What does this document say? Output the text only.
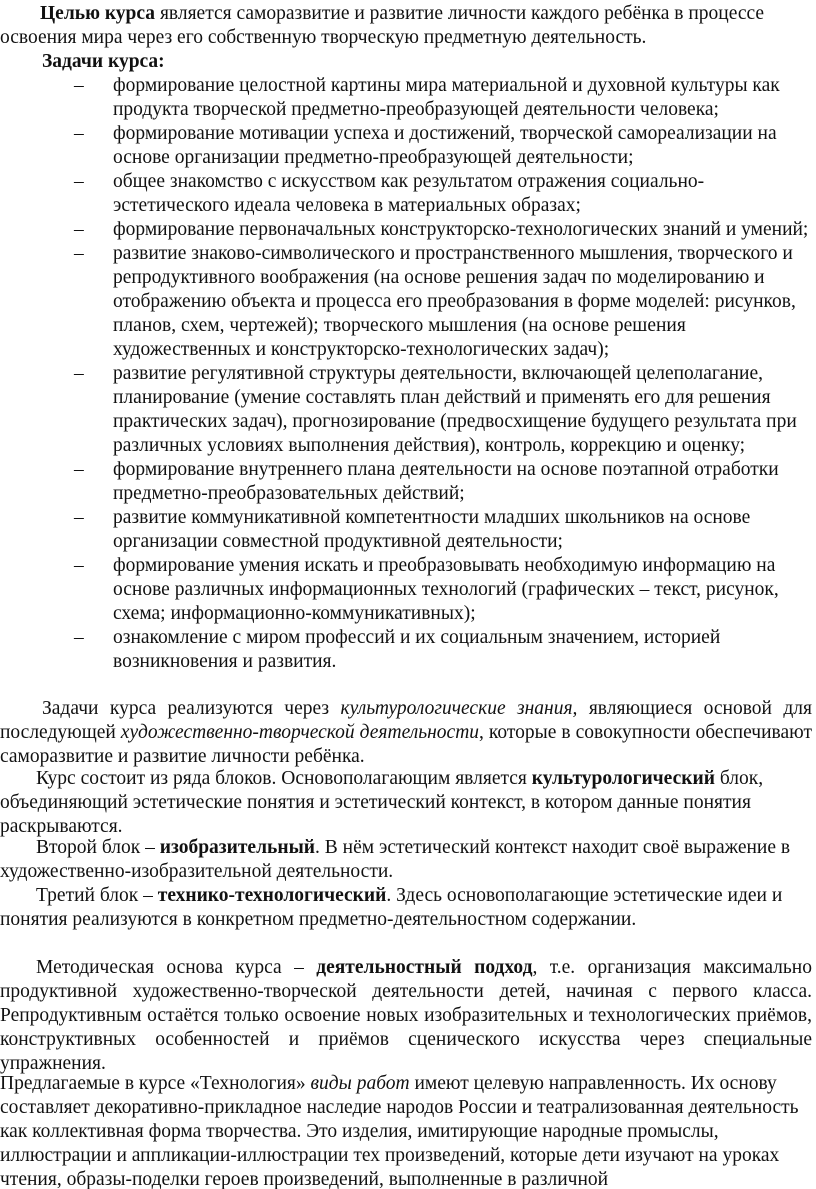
Целью курса является саморазвитие и развитие личности каждого ребёнка в процессе освоения мира через его собственную творческую предметную деятельность.

Задачи курса:

– формирование целостной картины мира материальной и духовной культуры как продукта творческой предметно-преобразующей деятельности человека;
– формирование мотивации успеха и достижений, творческой самореализации на основе организации предметно-преобразующей деятельности;
– общее знакомство с искусством как результатом отражения социально-эстетического идеала человека в материальных образах;
– формирование первоначальных конструкторско-технологических знаний и умений;
– развитие знаково-символического и пространственного мышления, творческого и репродуктивного воображения (на основе решения задач по моделированию и отображению объекта и процесса его преобразования в форме моделей: рисунков, планов, схем, чертежей); творческого мышления (на основе решения художественных и конструкторско-технологических задач);
– развитие регулятивной структуры деятельности, включающей целеполагание, планирование (умение составлять план действий и применять его для решения практических задач), прогнозирование (предвосхищение будущего результата при различных условиях выполнения действия), контроль, коррекцию и оценку;
– формирование внутреннего плана деятельности на основе поэтапной отработки предметно-преобразовательных действий;
– развитие коммуникативной компетентности младших школьников на основе организации совместной продуктивной деятельности;
– формирование умения искать и преобразовывать необходимую информацию на основе различных информационных технологий (графических – текст, рисунок, схема; информационно-коммуникативных);
– ознакомление с миром профессий и их социальным значением, историей возникновения и развития.

Задачи курса реализуются через культурологические знания, являющиеся основой для последующей художественно-творческой деятельности, которые в совокупности обеспечивают саморазвитие и развитие личности ребёнка.

Курс состоит из ряда блоков. Основополагающим является культурологический блок, объединяющий эстетические понятия и эстетический контекст, в котором данные понятия раскрываются.

Второй блок – изобразительный. В нём эстетический контекст находит своё выражение в художественно-изобразительной деятельности.

Третий блок – технико-технологический. Здесь основополагающие эстетические идеи и понятия реализуются в конкретном предметно-деятельностном содержании.

Методическая основа курса – деятельностный подход, т.е. организация максимально продуктивной художественно-творческой деятельности детей, начиная с первого класса. Репродуктивным остаётся только освоение новых изобразительных и технологических приёмов, конструктивных особенностей и приёмов сценического искусства через специальные упражнения.

Предлагаемые в курсе «Технология» виды работ имеют целевую направленность. Их основу составляет декоративно-прикладное наследие народов России и театрализованная деятельность как коллективная форма творчества. Это изделия, имитирующие народные промыслы, иллюстрации и аппликации-иллюстрации тех произведений, которые дети изучают на уроках чтения, образы-поделки героев произведений, выполненные в различной
